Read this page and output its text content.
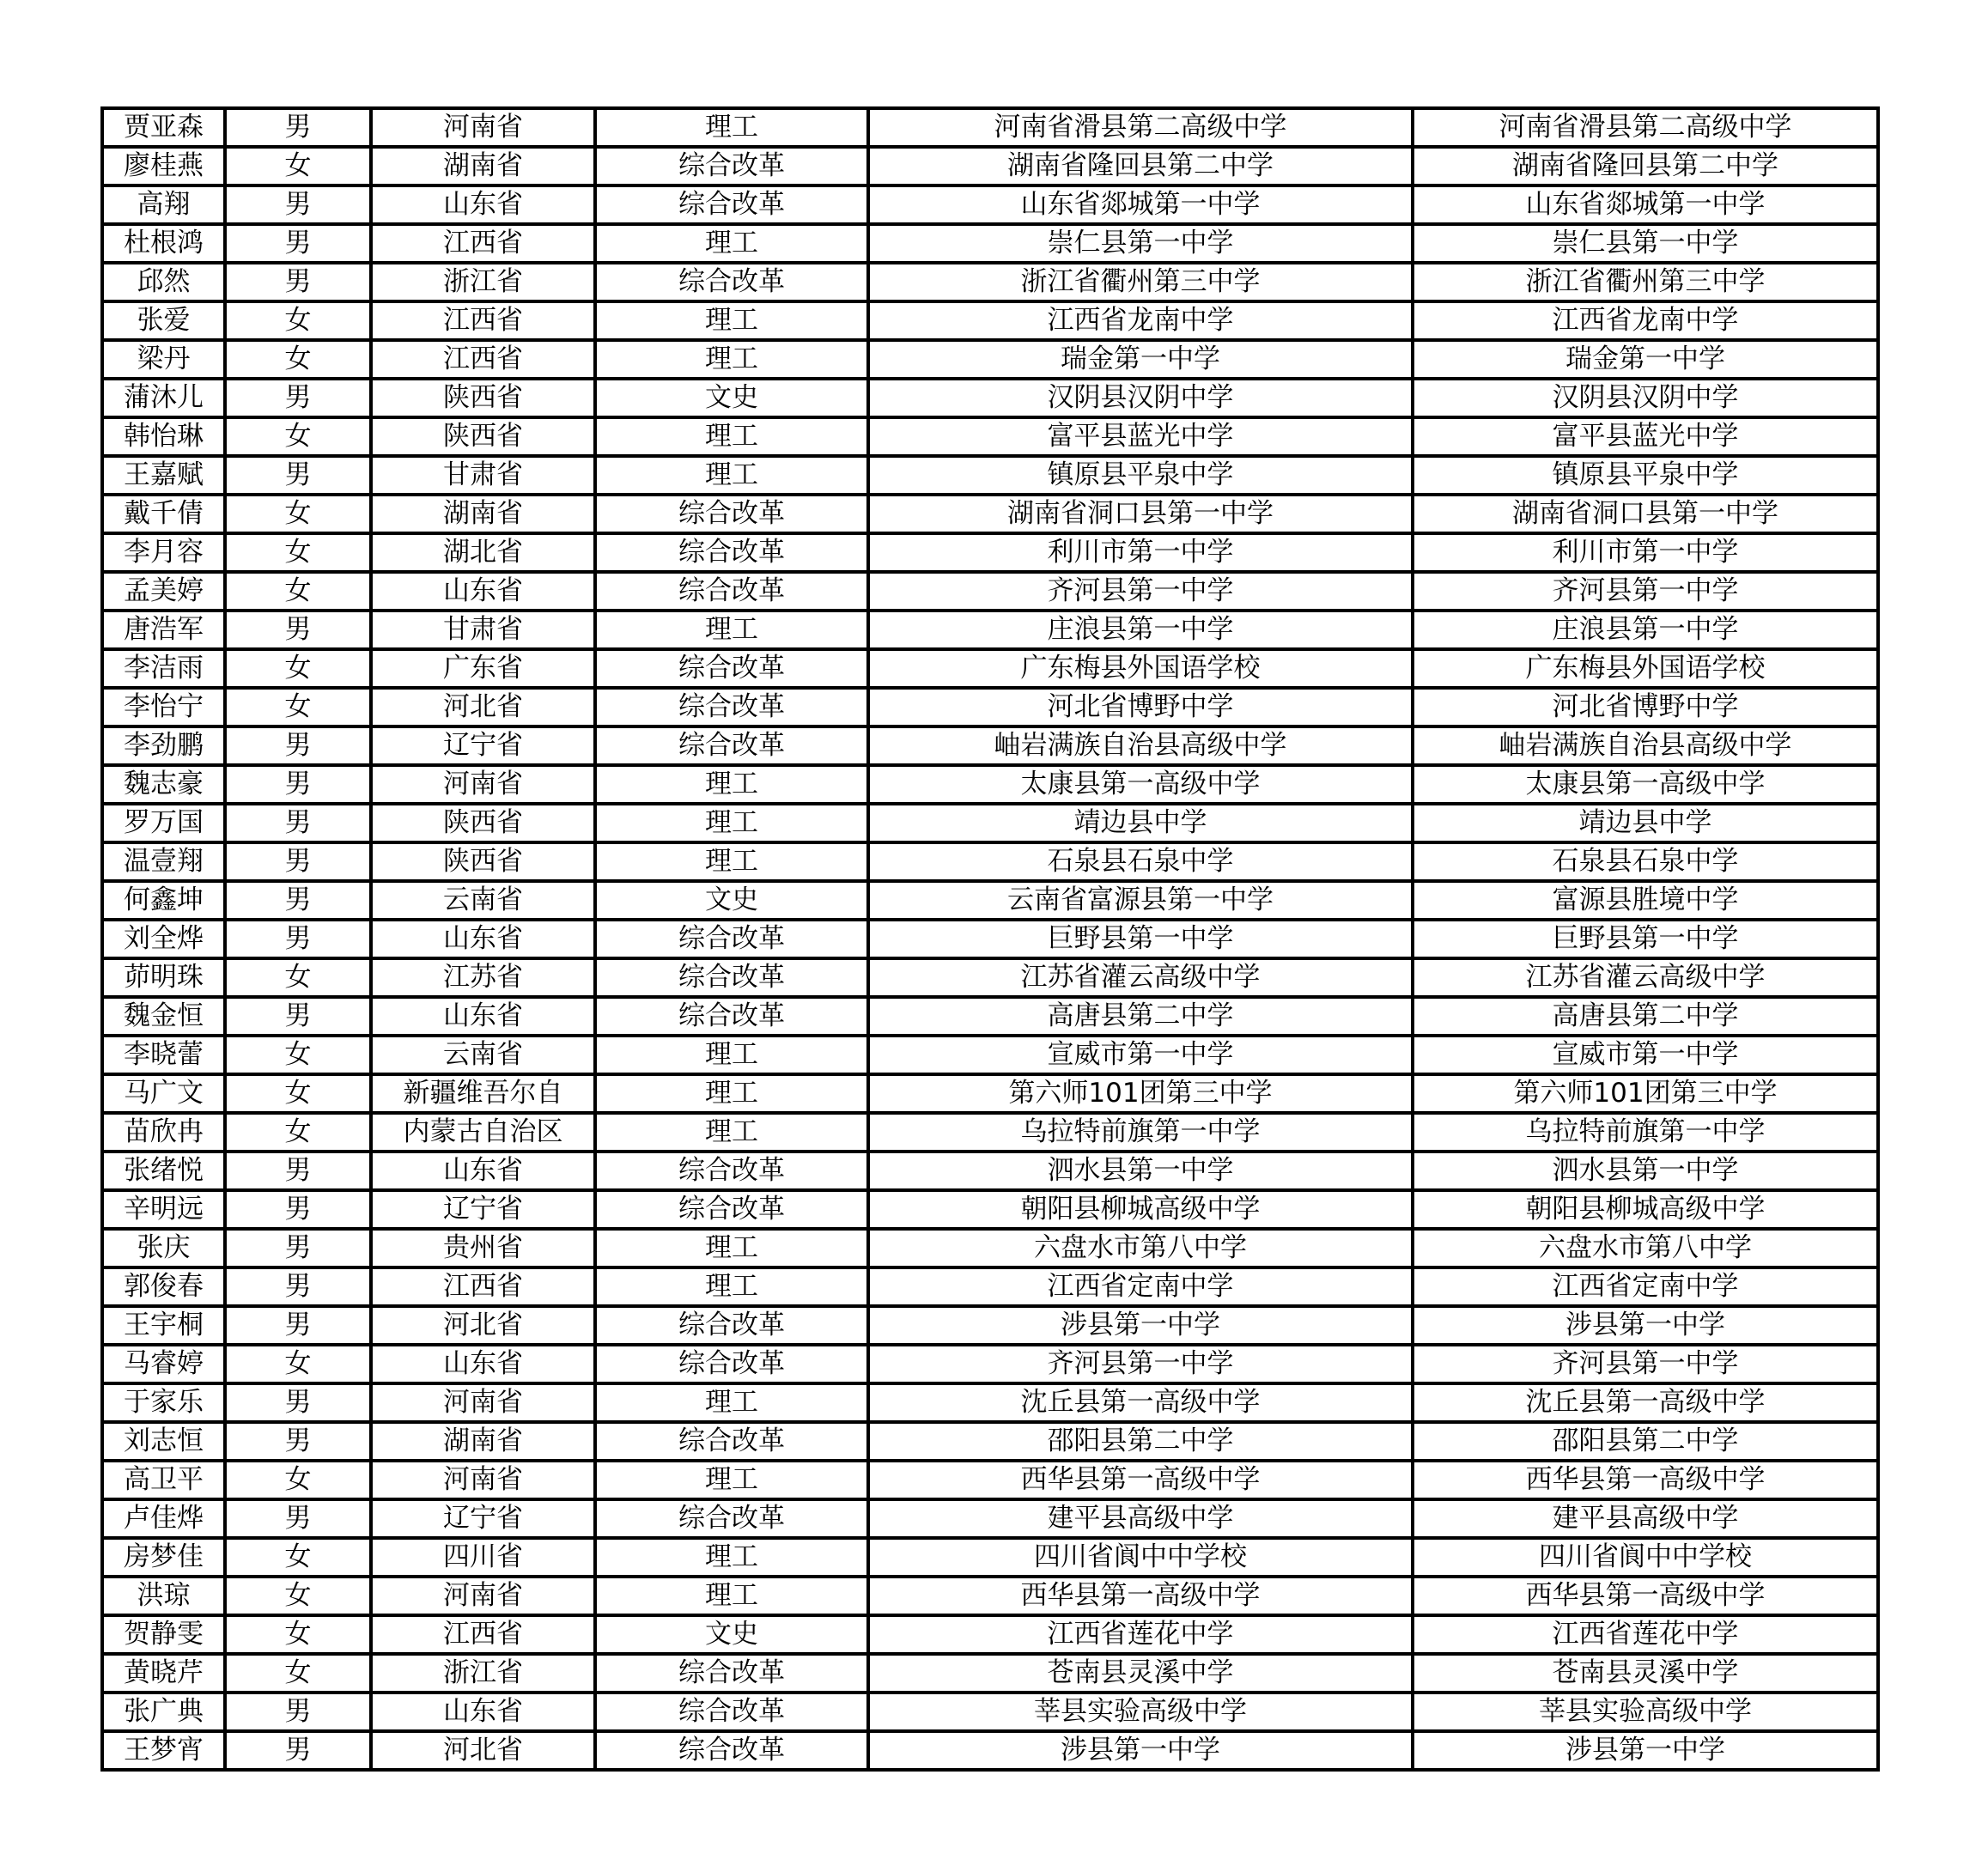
贾亚森	男	河南省	理工	河南省滑县第二高级中学	河南省滑县第二高级中学
廖桂燕	女	湖南省	综合改革	湖南省隆回县第二中学	湖南省隆回县第二中学
高翔	男	山东省	综合改革	山东省郯城第一中学	山东省郯城第一中学
杜根鸿	男	江西省	理工	崇仁县第一中学	崇仁县第一中学
邱然	男	浙江省	综合改革	浙江省衢州第三中学	浙江省衢州第三中学
张爱	女	江西省	理工	江西省龙南中学	江西省龙南中学
梁丹	女	江西省	理工	瑞金第一中学	瑞金第一中学
蒲沐儿	男	陕西省	文史	汉阴县汉阴中学	汉阴县汉阴中学
韩怡琳	女	陕西省	理工	富平县蓝光中学	富平县蓝光中学
王嘉赋	男	甘肃省	理工	镇原县平泉中学	镇原县平泉中学
戴千倩	女	湖南省	综合改革	湖南省洞口县第一中学	湖南省洞口县第一中学
李月容	女	湖北省	综合改革	利川市第一中学	利川市第一中学
孟美婷	女	山东省	综合改革	齐河县第一中学	齐河县第一中学
唐浩军	男	甘肃省	理工	庄浪县第一中学	庄浪县第一中学
李洁雨	女	广东省	综合改革	广东梅县外国语学校	广东梅县外国语学校
李怡宁	女	河北省	综合改革	河北省博野中学	河北省博野中学
李劲鹏	男	辽宁省	综合改革	岫岩满族自治县高级中学	岫岩满族自治县高级中学
魏志豪	男	河南省	理工	太康县第一高级中学	太康县第一高级中学
罗万国	男	陕西省	理工	靖边县中学	靖边县中学
温壹翔	男	陕西省	理工	石泉县石泉中学	石泉县石泉中学
何鑫坤	男	云南省	文史	云南省富源县第一中学	富源县胜境中学
刘全烨	男	山东省	综合改革	巨野县第一中学	巨野县第一中学
茆明珠	女	江苏省	综合改革	江苏省灌云高级中学	江苏省灌云高级中学
魏金恒	男	山东省	综合改革	高唐县第二中学	高唐县第二中学
李晓蕾	女	云南省	理工	宣威市第一中学	宣威市第一中学
马广文	女	新疆维吾尔自	理工	第六师101团第三中学	第六师101团第三中学
苗欣冉	女	内蒙古自治区	理工	乌拉特前旗第一中学	乌拉特前旗第一中学
张绪悦	男	山东省	综合改革	泗水县第一中学	泗水县第一中学
辛明远	男	辽宁省	综合改革	朝阳县柳城高级中学	朝阳县柳城高级中学
张庆	男	贵州省	理工	六盘水市第八中学	六盘水市第八中学
郭俊春	男	江西省	理工	江西省定南中学	江西省定南中学
王宇桐	男	河北省	综合改革	涉县第一中学	涉县第一中学
马睿婷	女	山东省	综合改革	齐河县第一中学	齐河县第一中学
于家乐	男	河南省	理工	沈丘县第一高级中学	沈丘县第一高级中学
刘志恒	男	湖南省	综合改革	邵阳县第二中学	邵阳县第二中学
高卫平	女	河南省	理工	西华县第一高级中学	西华县第一高级中学
卢佳烨	男	辽宁省	综合改革	建平县高级中学	建平县高级中学
房梦佳	女	四川省	理工	四川省阆中中学校	四川省阆中中学校
洪琼	女	河南省	理工	西华县第一高级中学	西华县第一高级中学
贺静雯	女	江西省	文史	江西省莲花中学	江西省莲花中学
黄晓芹	女	浙江省	综合改革	苍南县灵溪中学	苍南县灵溪中学
张广典	男	山东省	综合改革	莘县实验高级中学	莘县实验高级中学
王梦宵	男	河北省	综合改革	涉县第一中学	涉县第一中学
